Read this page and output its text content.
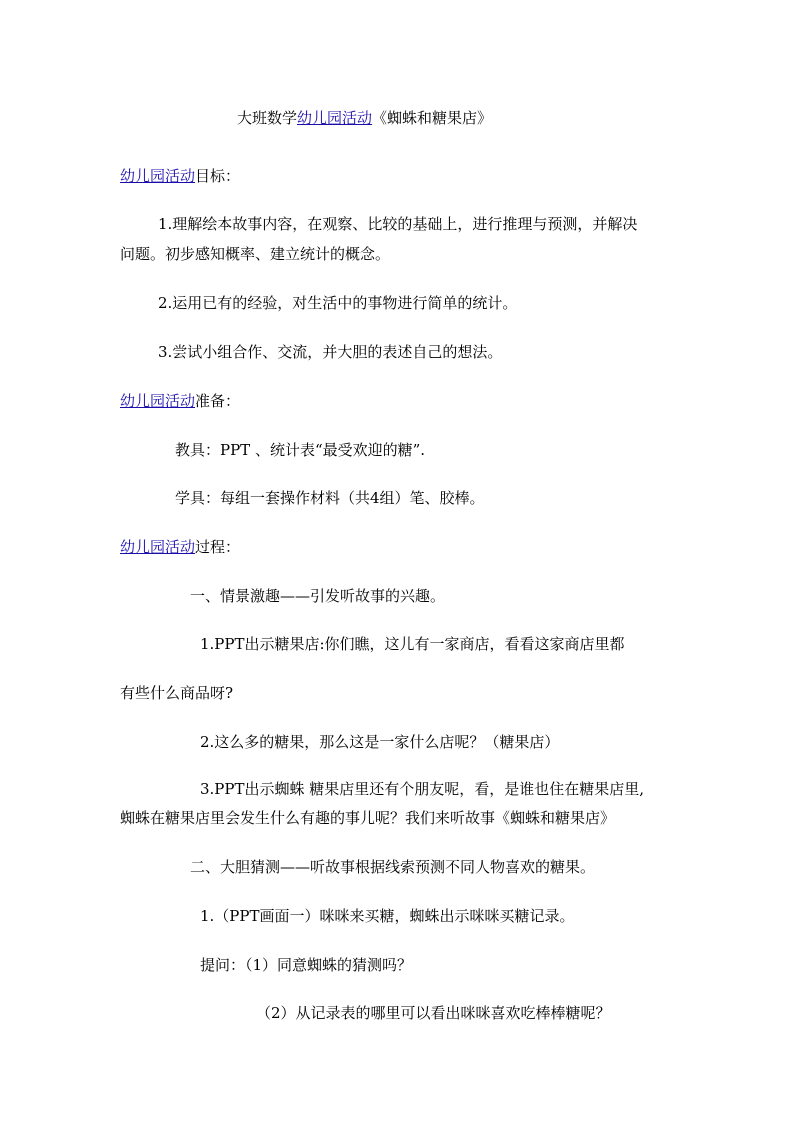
大班数学幼儿园活动《蜘蛛和糖果店》
幼儿园活动目标：
1.理解绘本故事内容，在观察、比较的基础上，进行推理与预测，并解决
问题。初步感知概率、建立统计的概念。
2.运用已有的经验，对生活中的事物进行简单的统计。
3.尝试小组合作、交流，并大胆的表述自己的想法。
幼儿园活动准备：
教具：PPT 、统计表“最受欢迎的糖”.
学具：每组一套操作材料（共4组）笔、胶棒。
幼儿园活动过程：
一、情景激趣——引发听故事的兴趣。
1.PPT出示糖果店:你们瞧，这儿有一家商店，看看这家商店里都
有些什么商品呀?
2.这么多的糖果，那么这是一家什么店呢？（糖果店）
3.PPT出示蜘蛛 糖果店里还有个朋友呢，看，是谁也住在糖果店里,
蜘蛛在糖果店里会发生什么有趣的事儿呢？我们来听故事《蜘蛛和糖果店》
二、大胆猜测——听故事根据线索预测不同人物喜欢的糖果。
1.（PPT画面一）咪咪来买糖，蜘蛛出示咪咪买糖记录。
提问：（1）同意蜘蛛的猜测吗？
（2）从记录表的哪里可以看出咪咪喜欢吃棒棒糖呢？
